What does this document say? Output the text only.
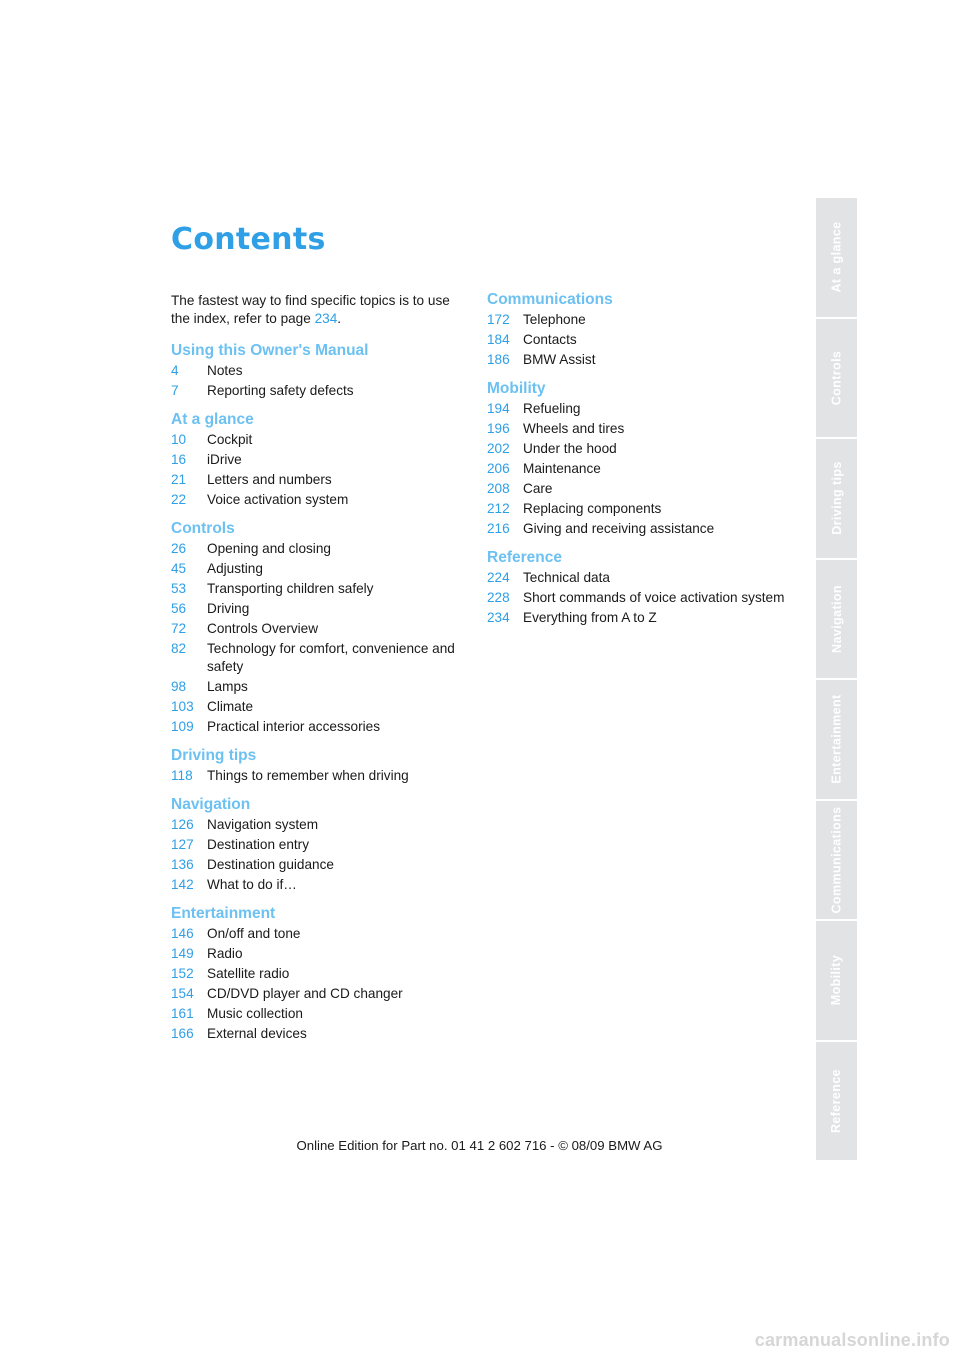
Contents

The fastest way to find specific topics is to use the index, refer to page 234.

Using this Owner's Manual
4	Notes
7	Reporting safety defects
At a glance
10	Cockpit
16	iDrive
21	Letters and numbers
22	Voice activation system
Controls
26	Opening and closing
45	Adjusting
53	Transporting children safely
56	Driving
72	Controls Overview
82	Technology for comfort, convenience and safety
98	Lamps
103 Climate
109 Practical interior accessories
Driving tips
118	Things to remember when driving
Navigation
126 Navigation system
127 Destination entry
136 Destination guidance
142 What to do if…
Entertainment
146 On/off and tone
149 Radio
152 Satellite radio
154 CD/DVD player and CD changer
161 Music collection
166 External devices
Communications
172 Telephone
184 Contacts
186 BMW Assist
Mobility
194 Refueling
196 Wheels and tires
202 Under the hood
206 Maintenance
208 Care
212 Replacing components
216 Giving and receiving assistance
Reference
224 Technical data
228 Short commands of voice activation system
234 Everything from A to Z
At a glance
Controls
Driving tips
Navigation
Entertainment
Communications
Mobility
Reference
Online Edition for Part no. 01 41 2 602 716 - © 08/09 BMW AG
carmanualsonline.info
